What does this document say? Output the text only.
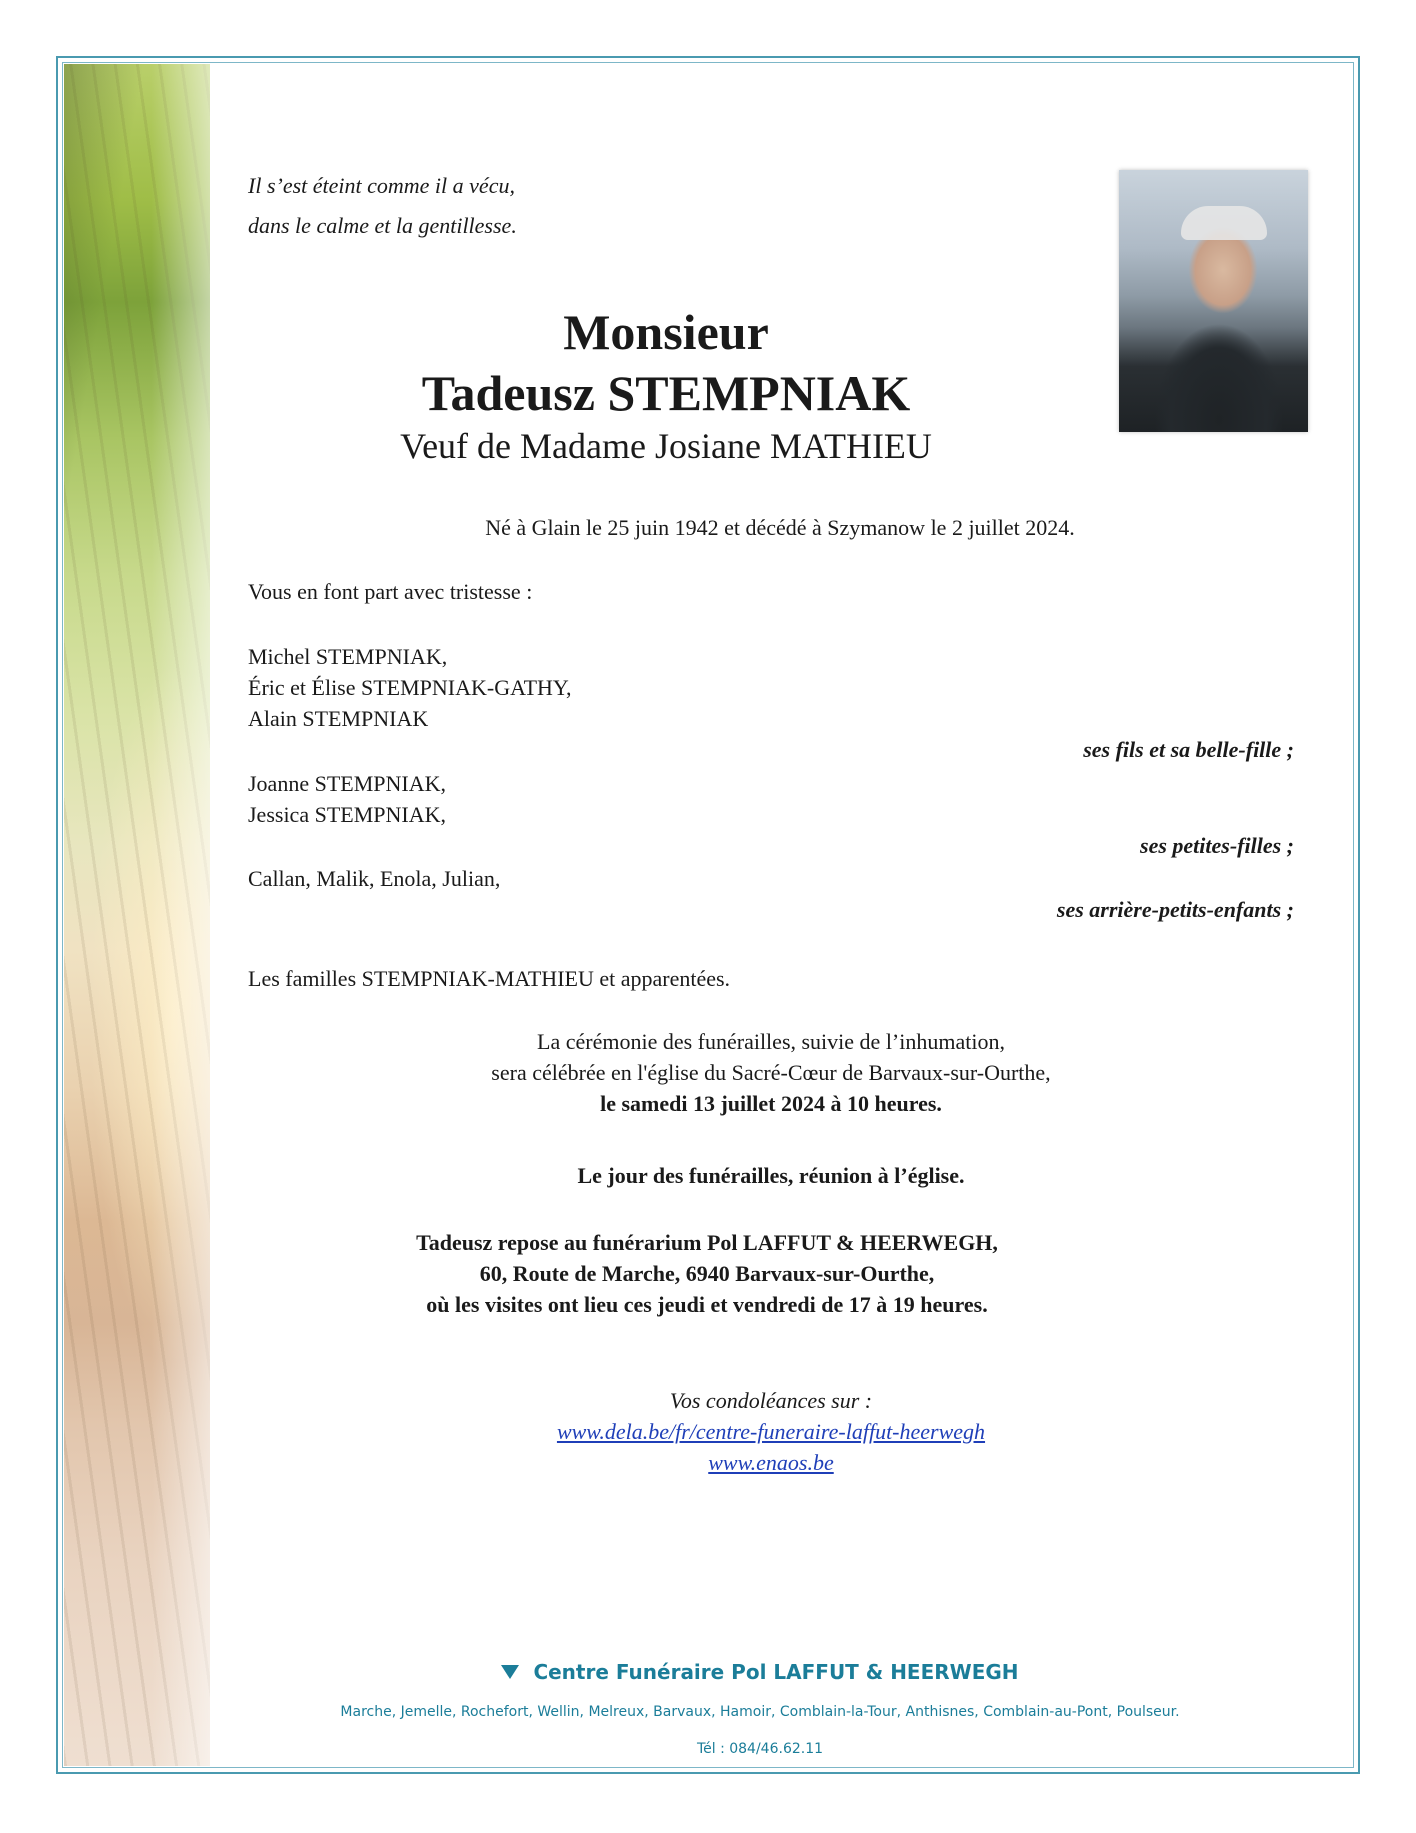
Il s’est éteint comme il a vécu,
dans le calme et la gentillesse.
Monsieur
Tadeusz STEMPNIAK
Veuf de Madame Josiane MATHIEU
Né à Glain le 25 juin 1942 et décédé à Szymanow le 2 juillet 2024.
Vous en font part avec tristesse :
Michel STEMPNIAK,
Éric et Élise STEMPNIAK-GATHY,
Alain STEMPNIAK
ses fils et sa belle-fille ;
Joanne STEMPNIAK,
Jessica STEMPNIAK,
ses petites-filles ;
Callan, Malik, Enola, Julian,
ses arrière-petits-enfants ;
Les familles STEMPNIAK-MATHIEU et apparentées.
La cérémonie des funérailles, suivie de l’inhumation,
sera célébrée en l'église du Sacré-Cœur de Barvaux-sur-Ourthe,
le samedi 13 juillet 2024 à 10 heures.
Le jour des funérailles, réunion à l’église.
Tadeusz repose au funérarium Pol LAFFUT & HEERWEGH,
60, Route de Marche, 6940 Barvaux-sur-Ourthe,
où les visites ont lieu ces jeudi et vendredi de 17 à 19 heures.
Vos condoléances sur :
www.dela.be/fr/centre-funeraire-laffut-heerwegh
www.enaos.be
Centre Funéraire Pol LAFFUT & HEERWEGH
Marche, Jemelle, Rochefort, Wellin, Melreux, Barvaux, Hamoir, Comblain-la-Tour, Anthisnes, Comblain-au-Pont, Poulseur.
Tél : 084/46.62.11
